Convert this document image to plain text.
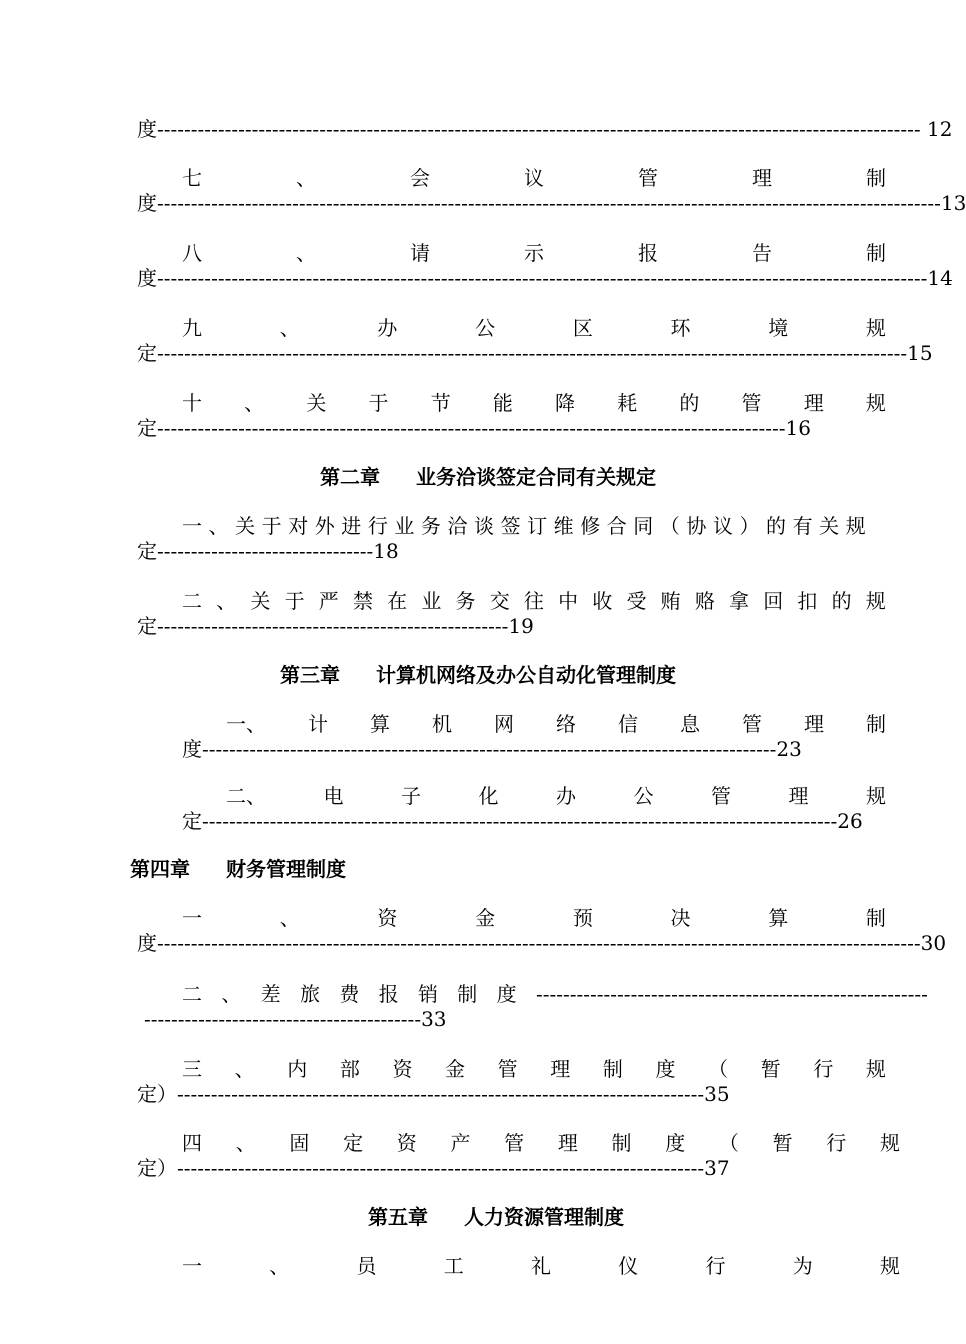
度 ----------------------------------------------------------------------------------------------------------- ------ 12
七	、	会	议	管	理	制
度 -------------------------------------------------------------------------------------------------------------------- 13
八	、	请	示	报	告	制
度 ------------------------------------------------------------------------------------------------------------------ 14
九	、	办	公	区	环	境	规
定 --------------------------------------------------------------------------------------------------------------- 15
十 、 关 于 节 能 降 耗 的 管 理 规
定 --------------------------------------------------------------------------------------------- 16
第二章 业务洽谈签定合同有关规定
一 、 关 于 对 外 进 行 业 务 洽 谈 签 订 维 修 合 同 （ 协 议 ） 的 有 关 规
定 -------------------------------- 18
二 、 关 于 严 禁 在 业 务 交 往 中 收 受 贿 赂 拿 回 扣 的 规
定 ---------------------------------------------------- 19
第三章 计算机网络及办公自动化管理制度
一、 计 算 机 网 络 信 息 管 理 制
度 ------------------------------------------------------------------------------------- 23
二、	电	子	化	办	公	管	理	规
定 ---------------------------------------------------------------------------------------------- 26
第四章 财务管理制度
一	、	资	金	预	决	算	制
度 ----------------------------------------------------------------------------------------------------------------- 30
二 、 差 旅 费 报 销 制 度 ----------------------------------------------------------
----------------------------------------- 33
三 、 内 部 资 金 管 理 制 度 （ 暂 行 规
定） ------------------------------------------------------------------------------ 35
四 、 固 定 资 产 管 理 制 度 （ 暂 行 规
定） ------------------------------------------------------------------------------ 37
第五章 人力资源管理制度
一	、	员	工	礼	仪	行	为	规
